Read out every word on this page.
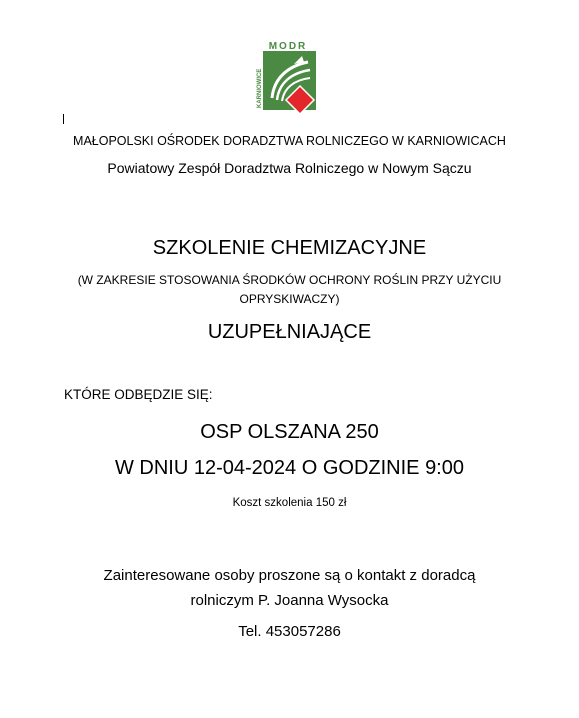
MODR
KARNIOWICE
MAŁOPOLSKI OŚRODEK DORADZTWA ROLNICZEGO W KARNIOWICACH
Powiatowy Zespół Doradztwa Rolniczego w Nowym Sączu
SZKOLENIE CHEMIZACYJNE
(W ZAKRESIE STOSOWANIA ŚRODKÓW OCHRONY ROŚLIN PRZY UŻYCIU
OPRYSKIWACZY)
UZUPEŁNIAJĄCE
KTÓRE ODBĘDZIE SIĘ:
OSP OLSZANA 250
W DNIU 12-04-2024 O GODZINIE 9:00
Koszt szkolenia 150 zł
Zainteresowane osoby proszone są o kontakt z doradcą
rolniczym P. Joanna Wysocka
Tel. 453057286
